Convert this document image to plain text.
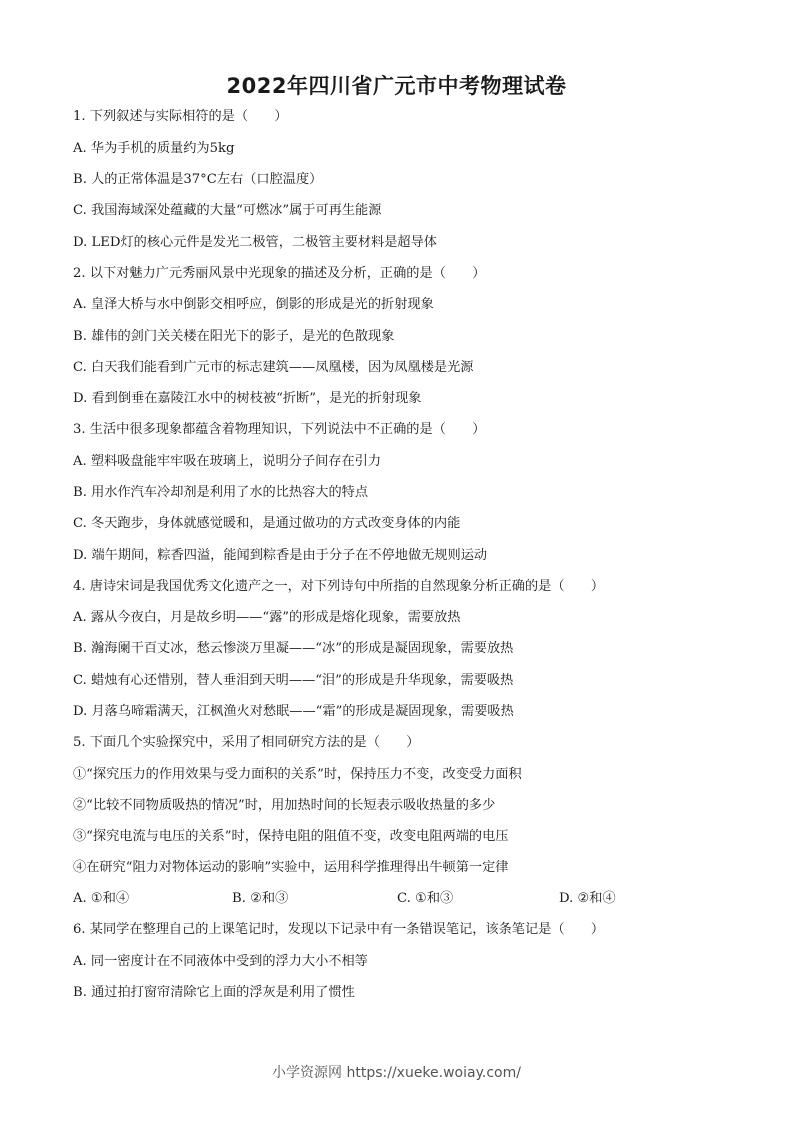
2022年四川省广元市中考物理试卷
1. 下列叙述与实际相符的是（　　）
A. 华为手机的质量约为5kg
B. 人的正常体温是37°C左右（口腔温度）
C. 我国海域深处蕴藏的大量“可燃冰”属于可再生能源
D. LED灯的核心元件是发光二极管，二极管主要材料是超导体
2. 以下对魅力广元秀丽风景中光现象的描述及分析，正确的是（　　）
A. 皇泽大桥与水中倒影交相呼应，倒影的形成是光的折射现象
B. 雄伟的剑门关关楼在阳光下的影子，是光的色散现象
C. 白天我们能看到广元市的标志建筑——凤凰楼，因为凤凰楼是光源
D. 看到倒垂在嘉陵江水中的树枝被“折断”，是光的折射现象
3. 生活中很多现象都蕴含着物理知识，下列说法中不正确的是（　　）
A. 塑料吸盘能牢牢吸在玻璃上，说明分子间存在引力
B. 用水作汽车冷却剂是利用了水的比热容大的特点
C. 冬天跑步，身体就感觉暖和，是通过做功的方式改变身体的内能
D. 端午期间，粽香四溢，能闻到粽香是由于分子在不停地做无规则运动
4. 唐诗宋词是我国优秀文化遗产之一，对下列诗句中所指的自然现象分析正确的是（　　）
A. 露从今夜白，月是故乡明——“露”的形成是熔化现象，需要放热
B. 瀚海阑干百丈冰，愁云惨淡万里凝——“冰”的形成是凝固现象，需要放热
C. 蜡烛有心还惜别，替人垂泪到天明——“泪”的形成是升华现象，需要吸热
D. 月落乌啼霜满天，江枫渔火对愁眠——“霜”的形成是凝固现象，需要吸热
5. 下面几个实验探究中，采用了相同研究方法的是（　　）
①“探究压力的作用效果与受力面积的关系”时，保持压力不变，改变受力面积
②“比较不同物质吸热的情况”时，用加热时间的长短表示吸收热量的多少
③“探究电流与电压的关系”时，保持电阻的阻值不变，改变电阻两端的电压
④在研究“阻力对物体运动的影响”实验中，运用科学推理得出牛顿第一定律
A. ①和④	B. ②和③	C. ①和③	D. ②和④
6. 某同学在整理自己的上课笔记时，发现以下记录中有一条错误笔记，该条笔记是（　　）
A. 同一密度计在不同液体中受到的浮力大小不相等
B. 通过拍打窗帘清除它上面的浮灰是利用了惯性
小学资源网 https://xueke.woiay.com/
